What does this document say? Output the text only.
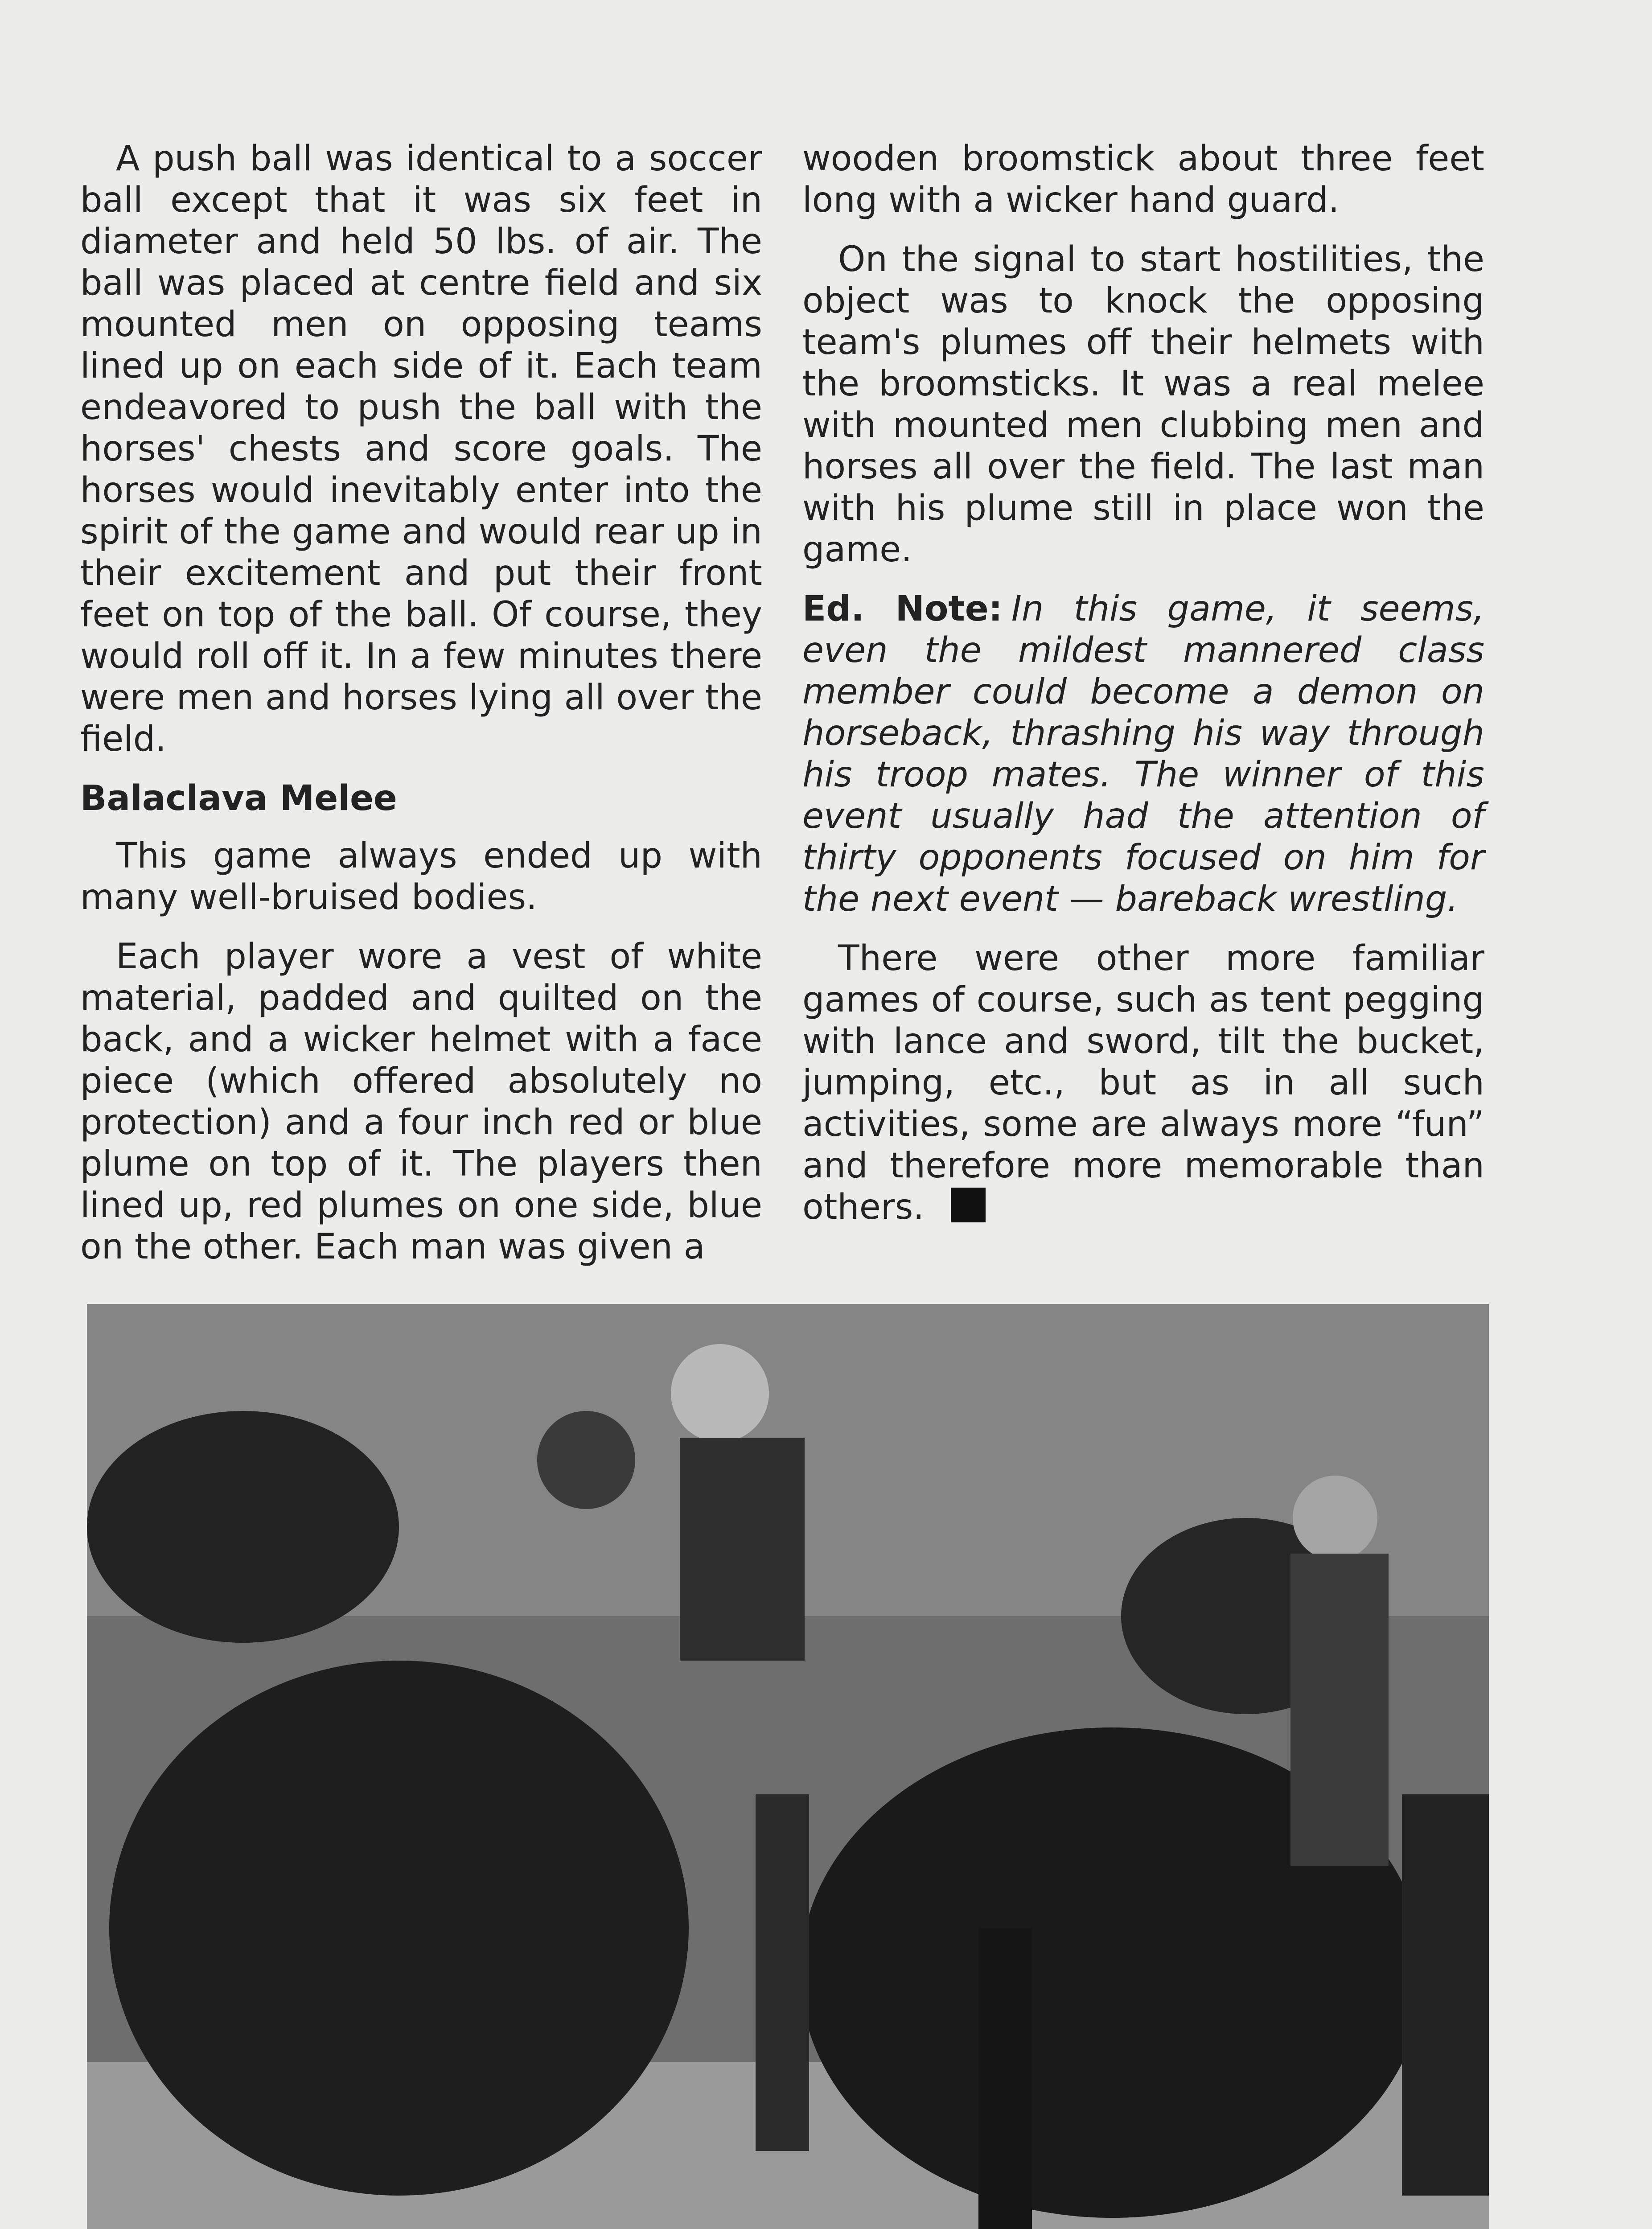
A push ball was identical to a soccer ball except that it was six feet in diameter and held 50 lbs. of air. The ball was placed at centre field and six mounted men on opposing teams lined up on each side of it. Each team endeavored to push the ball with the horses' chests and score goals. The horses would inevitably enter into the spirit of the game and would rear up in their excitement and put their front feet on top of the ball. Of course, they would roll off it. In a few minutes there were men and horses lying all over the field.

Balaclava Melee

This game always ended up with many well-bruised bodies.

Each player wore a vest of white material, padded and quilted on the back, and a wicker helmet with a face piece (which offered absolutely no protection) and a four inch red or blue plume on top of it. The players then lined up, red plumes on one side, blue on the other. Each man was given a

wooden broomstick about three feet long with a wicker hand guard.

On the signal to start hostilities, the object was to knock the opposing team's plumes off their helmets with the broomsticks. It was a real melee with mounted men clubbing men and horses all over the field. The last man with his plume still in place won the game.

Ed. Note: In this game, it seems, even the mildest mannered class member could become a demon on horseback, thrashing his way through his troop mates. The winner of this event usually had the attention of thirty opponents focused on him for the next event — bareback wrestling.

There were other more familiar games of course, such as tent pegging with lance and sword, tilt the bucket, jumping, etc., but as in all such activities, some are always more “fun” and therefore more memorable than others.
